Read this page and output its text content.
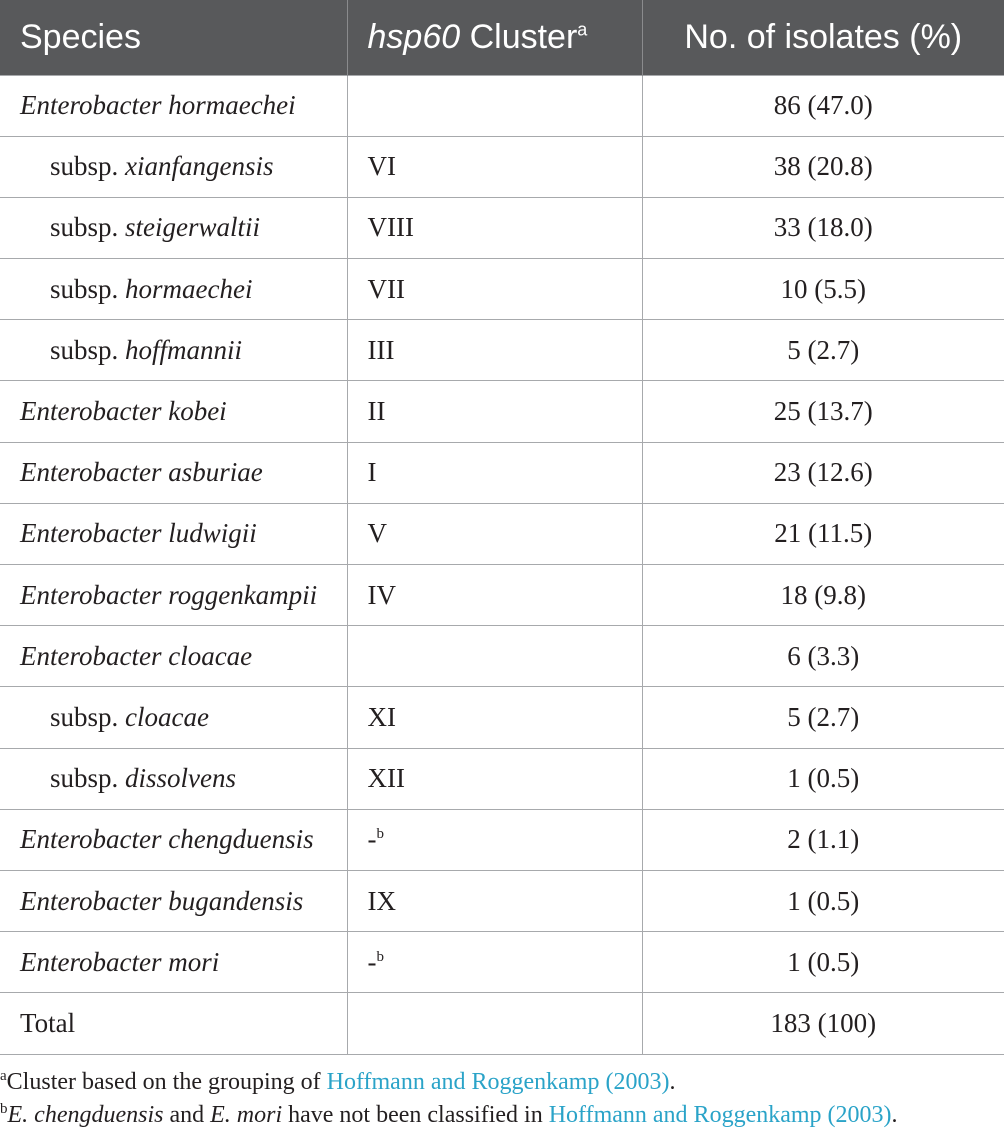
Species	hsp60 Cluster$^a$	No. of isolates (%)
Enterobacter hormaechei		86 (47.0)
subsp. xianfangensis	VI	38 (20.8)
subsp. steigerwaltii	VIII	33 (18.0)
subsp. hormaechei	VII	10 (5.5)
subsp. hoffmannii	III	5 (2.7)
Enterobacter kobei	II	25 (13.7)
Enterobacter asburiae	I	23 (12.6)
Enterobacter ludwigii	V	21 (11.5)
Enterobacter roggenkampii	IV	18 (9.8)
Enterobacter cloacae		6 (3.3)
subsp. cloacae	XI	5 (2.7)
subsp. dissolvens	XII	1 (0.5)
Enterobacter chengduensis	-$^b$	2 (1.1)
Enterobacter bugandensis	IX	1 (0.5)
Enterobacter mori	-$^b$	1 (0.5)
Total		183 (100)

$^a$Cluster based on the grouping of Hoffmann and Roggenkamp (2003).

$^b$E. chengduensis and E. mori have not been classified in Hoffmann and Roggenkamp (2003).
